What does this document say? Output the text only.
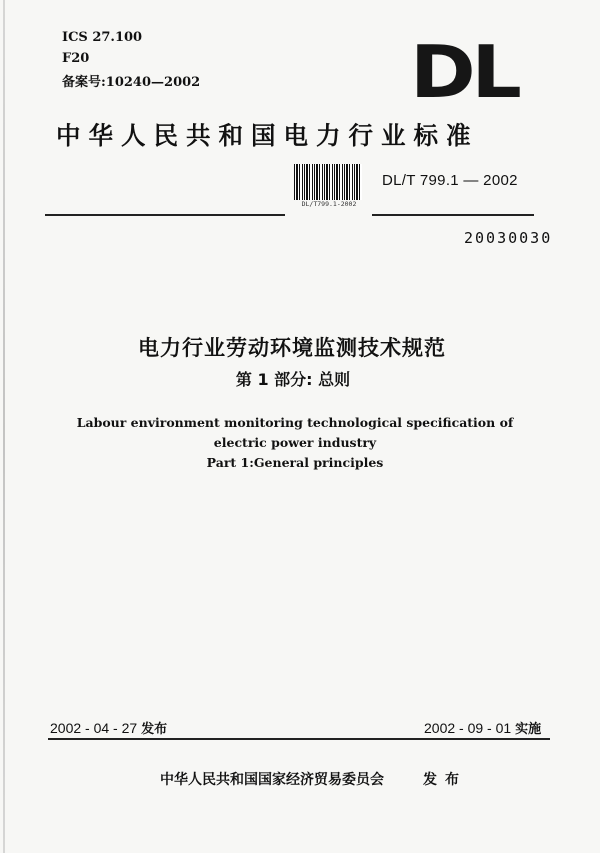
ICS 27.100
F20
备案号:10240—2002	DL
中华人民共和国电力行业标准
DL/T799.1-2002
DL/T 799.1 — 2002
20030030
电力行业劳动环境监测技术规范
第 1 部分: 总则
Labour environment monitoring technological specification of
electric power industry
Part 1:General principles
2002 - 04 - 27 发布	2002 - 09 - 01 实施
中华人民共和国国家经济贸易委员会	发布
